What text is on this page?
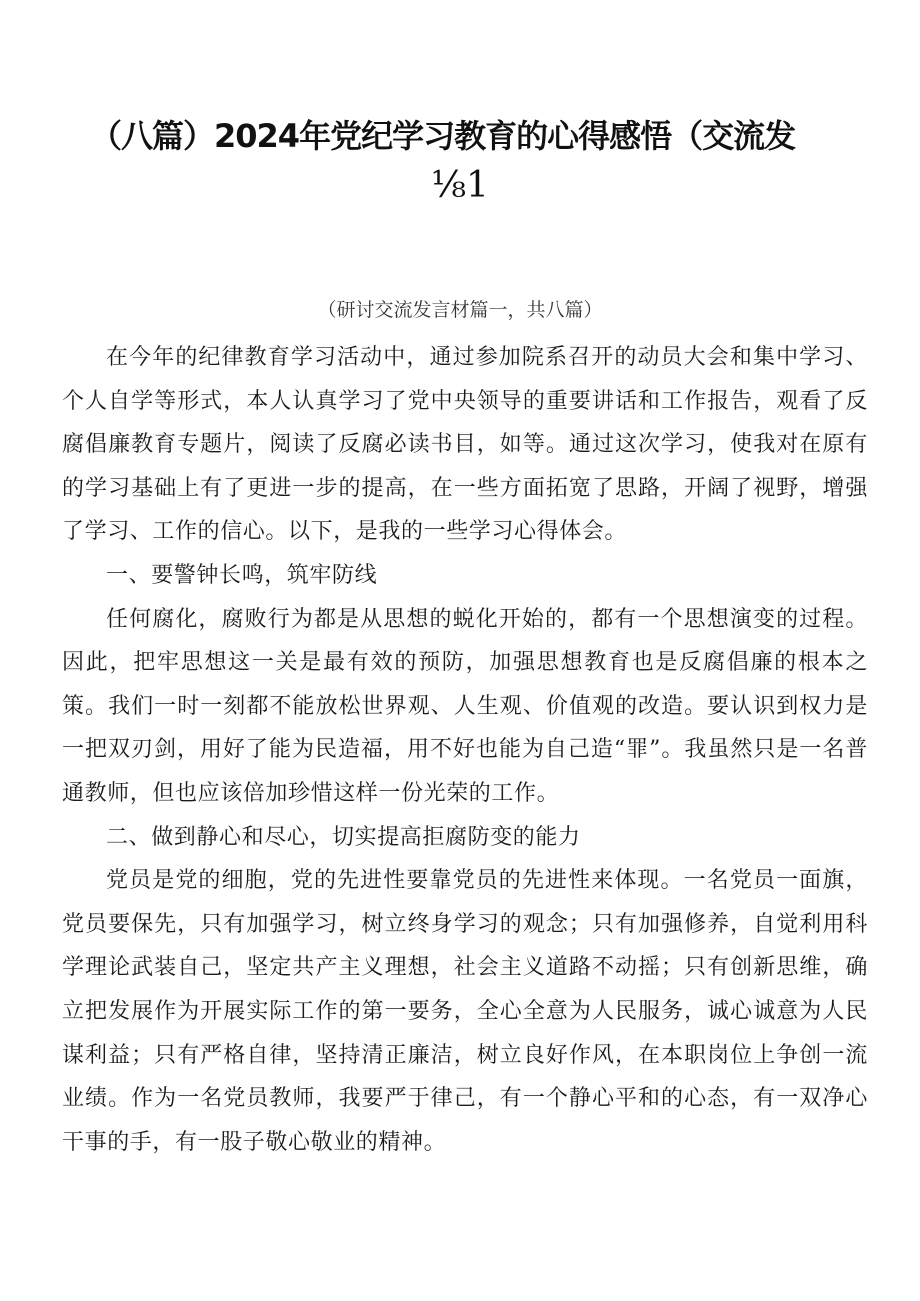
（八篇）2024年党纪学习教育的心得感悟（交流发
⅛1
（研讨交流发言材篇一，共八篇）

在今年的纪律教育学习活动中，通过参加院系召开的动员大会和集中学习、个人自学等形式，本人认真学习了党中央领导的重要讲话和工作报告，观看了反腐倡廉教育专题片，阅读了反腐必读书目，如等。通过这次学习，使我对在原有的学习基础上有了更进一步的提高，在一些方面拓宽了思路，开阔了视野，增强了学习、工作的信心。以下，是我的一些学习心得体会。

一、要警钟长鸣，筑牢防线

任何腐化，腐败行为都是从思想的蜕化开始的，都有一个思想演变的过程。因此，把牢思想这一关是最有效的预防，加强思想教育也是反腐倡廉的根本之策。我们一时一刻都不能放松世界观、人生观、价值观的改造。要认识到权力是一把双刃剑，用好了能为民造福，用不好也能为自己造“罪”。我虽然只是一名普通教师，但也应该倍加珍惜这样一份光荣的工作。

二、做到静心和尽心，切实提高拒腐防变的能力

党员是党的细胞，党的先进性要靠党员的先进性来体现。一名党员一面旗，党员要保先，只有加强学习，树立终身学习的观念；只有加强修养，自觉利用科学理论武装自己，坚定共产主义理想，社会主义道路不动摇；只有创新思维，确立把发展作为开展实际工作的第一要务，全心全意为人民服务，诚心诚意为人民谋利益；只有严格自律，坚持清正廉洁，树立良好作风，在本职岗位上争创一流业绩。作为一名党员教师，我要严于律己，有一个静心平和的心态，有一双净心干事的手，有一股子敬心敬业的精神。
